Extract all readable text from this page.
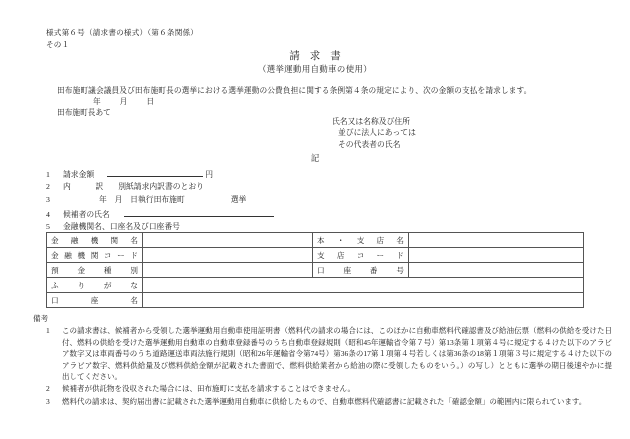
様式第６号（請求書の様式）（第６条関係）
その１
請求書
（選挙運動用自動車の使用）
田布施町議会議員及び田布施町長の選挙における選挙運動の公費負担に関する条例第４条の規定により、次の金額の支払を請求します。
年　　月　　日
田布施町長あて
氏名又は名称及び住所
並びに法人にあっては
その代表者の氏名
記
1	請求金額	円
2	内　　訳 別紙請求内訳書のとおり
3	年　月　日執行田布施町	選挙
4	候補者の氏名
5	金融機関名、口座名及び口座番号
金融機関名		本・支店名	

金融機関コード		支店コード	

預金種別		口座番号	

ふりがな			

口座名			

備考
1	この請求書は、候補者から受領した選挙運動用自動車使用証明書（燃料代の請求の場合には、このほかに自動車燃料代確認書及び給油伝票（燃料の供給を受けた日付、燃料の供給を受けた選挙運動用自動車の自動車登録番号のうち自動車登録規則（昭和45年運輸省令第７号）第13条第１項第４号に規定する４けた以下のアラビア数字又は車両番号のうち道路運送車両法施行規則（昭和26年運輸省令第74号）第36条の17第１項第４号若しくは第36条の18第１項第３号に規定する４けた以下のアラビア数字、燃料供給量及び燃料供給金額が記載された書面で、燃料供給業者から給油の際に受領したものをいう。）の写し）とともに選挙の期日後速やかに提出してください。
2	候補者が供託物を没収された場合には、田布施町に支払を請求することはできません。
3	燃料代の請求は、契約届出書に記載された選挙運動用自動車に供給したもので、自動車燃料代確認書に記載された「確認金額」の範囲内に限られています。
